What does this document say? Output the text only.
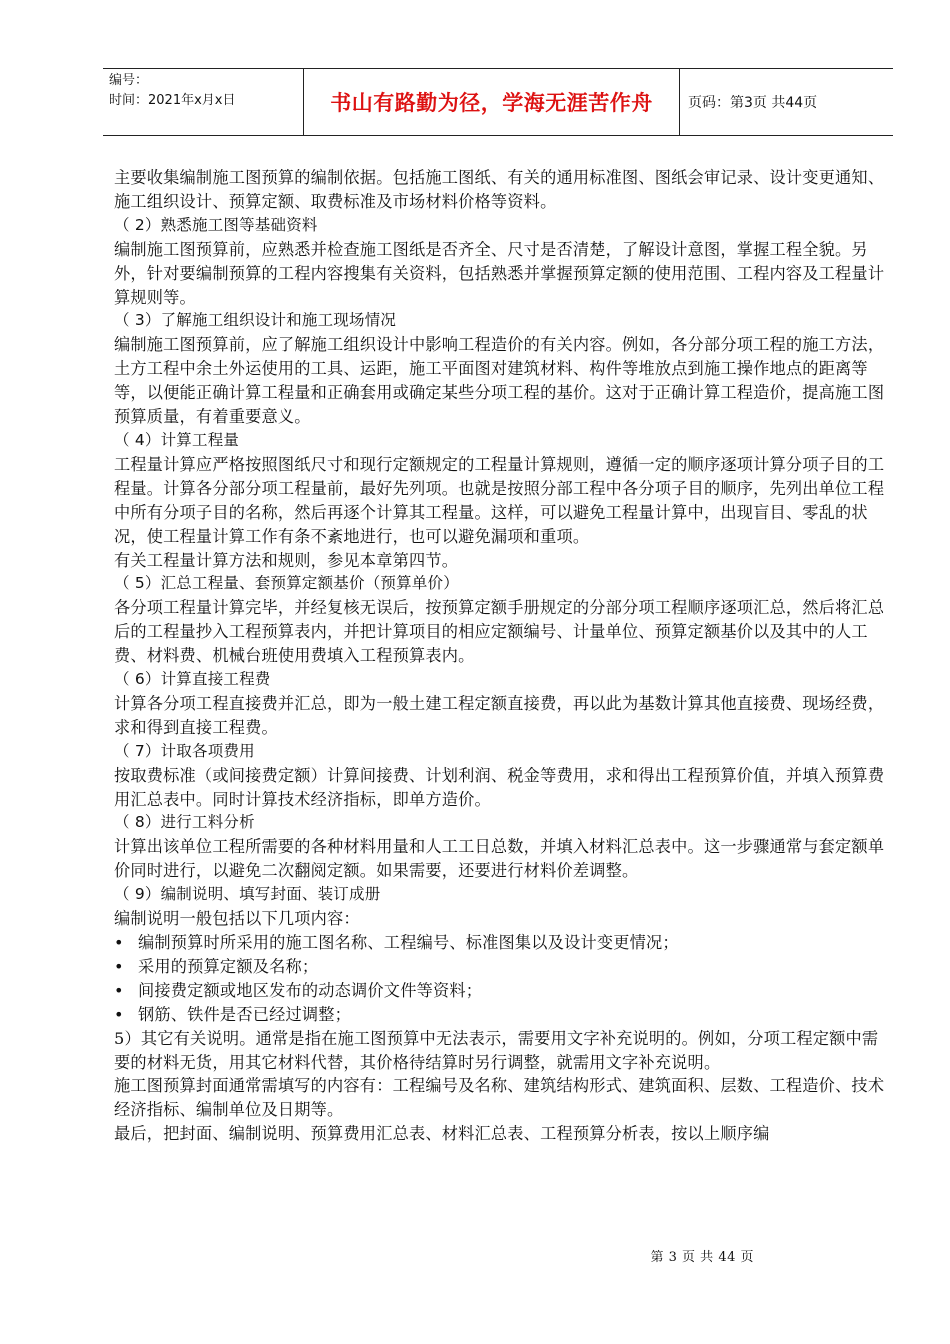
编号：
时间：2021年x月x日	书山有路勤为径，学海无涯苦作舟	页码：第3页 共44页

主要收集编制施工图预算的编制依据。包括施工图纸、有关的通用标准图、图纸会审记录、设计变更通知、施工组织设计、预算定额、取费标准及市场材料价格等资料。

（ 2）熟悉施工图等基础资料

编制施工图预算前，应熟悉并检查施工图纸是否齐全、尺寸是否清楚，了解设计意图，掌握工程全貌。另外，针对要编制预算的工程内容搜集有关资料，包括熟悉并掌握预算定额的使用范围、工程内容及工程量计算规则等。

（ 3）了解施工组织设计和施工现场情况

编制施工图预算前，应了解施工组织设计中影响工程造价的有关内容。例如，各分部分项工程的施工方法，土方工程中余土外运使用的工具、运距，施工平面图对建筑材料、构件等堆放点到施工操作地点的距离等等，以便能正确计算工程量和正确套用或确定某些分项工程的基价。这对于正确计算工程造价，提高施工图预算质量，有着重要意义。

（ 4）计算工程量

工程量计算应严格按照图纸尺寸和现行定额规定的工程量计算规则，遵循一定的顺序逐项计算分项子目的工程量。计算各分部分项工程量前，最好先列项。也就是按照分部工程中各分项子目的顺序，先列出单位工程中所有分项子目的名称，然后再逐个计算其工程量。这样，可以避免工程量计算中，出现盲目、零乱的状况，使工程量计算工作有条不紊地进行，也可以避免漏项和重项。

有关工程量计算方法和规则，参见本章第四节。

（ 5）汇总工程量、套预算定额基价（预算单价）

各分项工程量计算完毕，并经复核无误后，按预算定额手册规定的分部分项工程顺序逐项汇总，然后将汇总后的工程量抄入工程预算表内，并把计算项目的相应定额编号、计量单位、预算定额基价以及其中的人工费、材料费、机械台班使用费填入工程预算表内。

（ 6）计算直接工程费

计算各分项工程直接费并汇总，即为一般土建工程定额直接费，再以此为基数计算其他直接费、现场经费，求和得到直接工程费。

（ 7）计取各项费用

按取费标准（或间接费定额）计算间接费、计划利润、税金等费用，求和得出工程预算价值，并填入预算费用汇总表中。同时计算技术经济指标，即单方造价。

（ 8）进行工料分析

计算出该单位工程所需要的各种材料用量和人工工日总数，并填入材料汇总表中。这一步骤通常与套定额单价同时进行，以避免二次翻阅定额。如果需要，还要进行材料价差调整。

（ 9）编制说明、填写封面、装订成册

编制说明一般包括以下几项内容：

• 编制预算时所采用的施工图名称、工程编号、标准图集以及设计变更情况；
• 采用的预算定额及名称；
• 间接费定额或地区发布的动态调价文件等资料；
• 钢筋、铁件是否已经过调整；

5）其它有关说明。通常是指在施工图预算中无法表示，需要用文字补充说明的。例如，分项工程定额中需要的材料无货，用其它材料代替，其价格待结算时另行调整，就需用文字补充说明。

施工图预算封面通常需填写的内容有：工程编号及名称、建筑结构形式、建筑面积、层数、工程造价、技术经济指标、编制单位及日期等。

最后，把封面、编制说明、预算费用汇总表、材料汇总表、工程预算分析表，按以上顺序编

第 3 页 共 44 页
